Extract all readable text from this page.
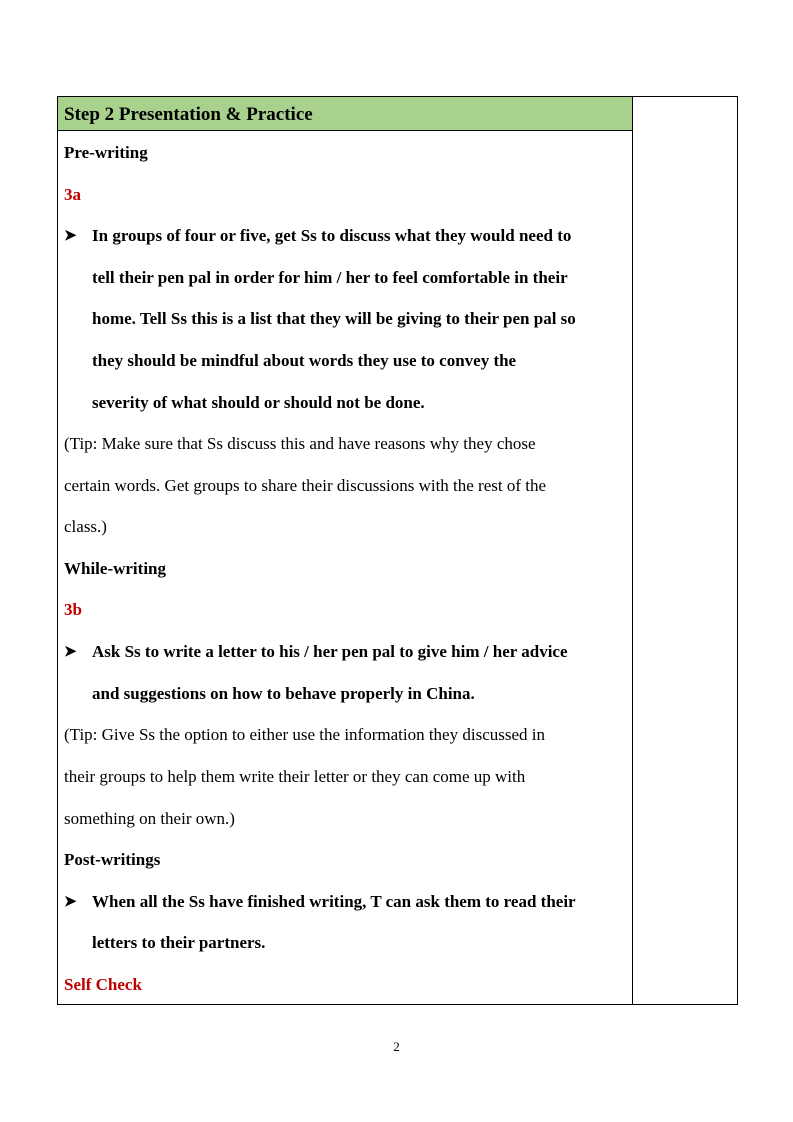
Step 2 Presentation & Practice
Pre-writing
3a
➤ In groups of four or five, get Ss to discuss what they would need to
tell their pen pal in order for him / her to feel comfortable in their
home. Tell Ss this is a list that they will be giving to their pen pal so
they should be mindful about words they use to convey the
severity of what should or should not be done.
(Tip: Make sure that Ss discuss this and have reasons why they chose
certain words. Get groups to share their discussions with the rest of the
class.)
While-writing
3b
➤ Ask Ss to write a letter to his / her pen pal to give him / her advice
and suggestions on how to behave properly in China.
(Tip: Give Ss the option to either use the information they discussed in
their groups to help them write their letter or they can come up with
something on their own.)
Post-writings
➤ When all the Ss have finished writing, T can ask them to read their
letters to their partners.
Self Check
2
